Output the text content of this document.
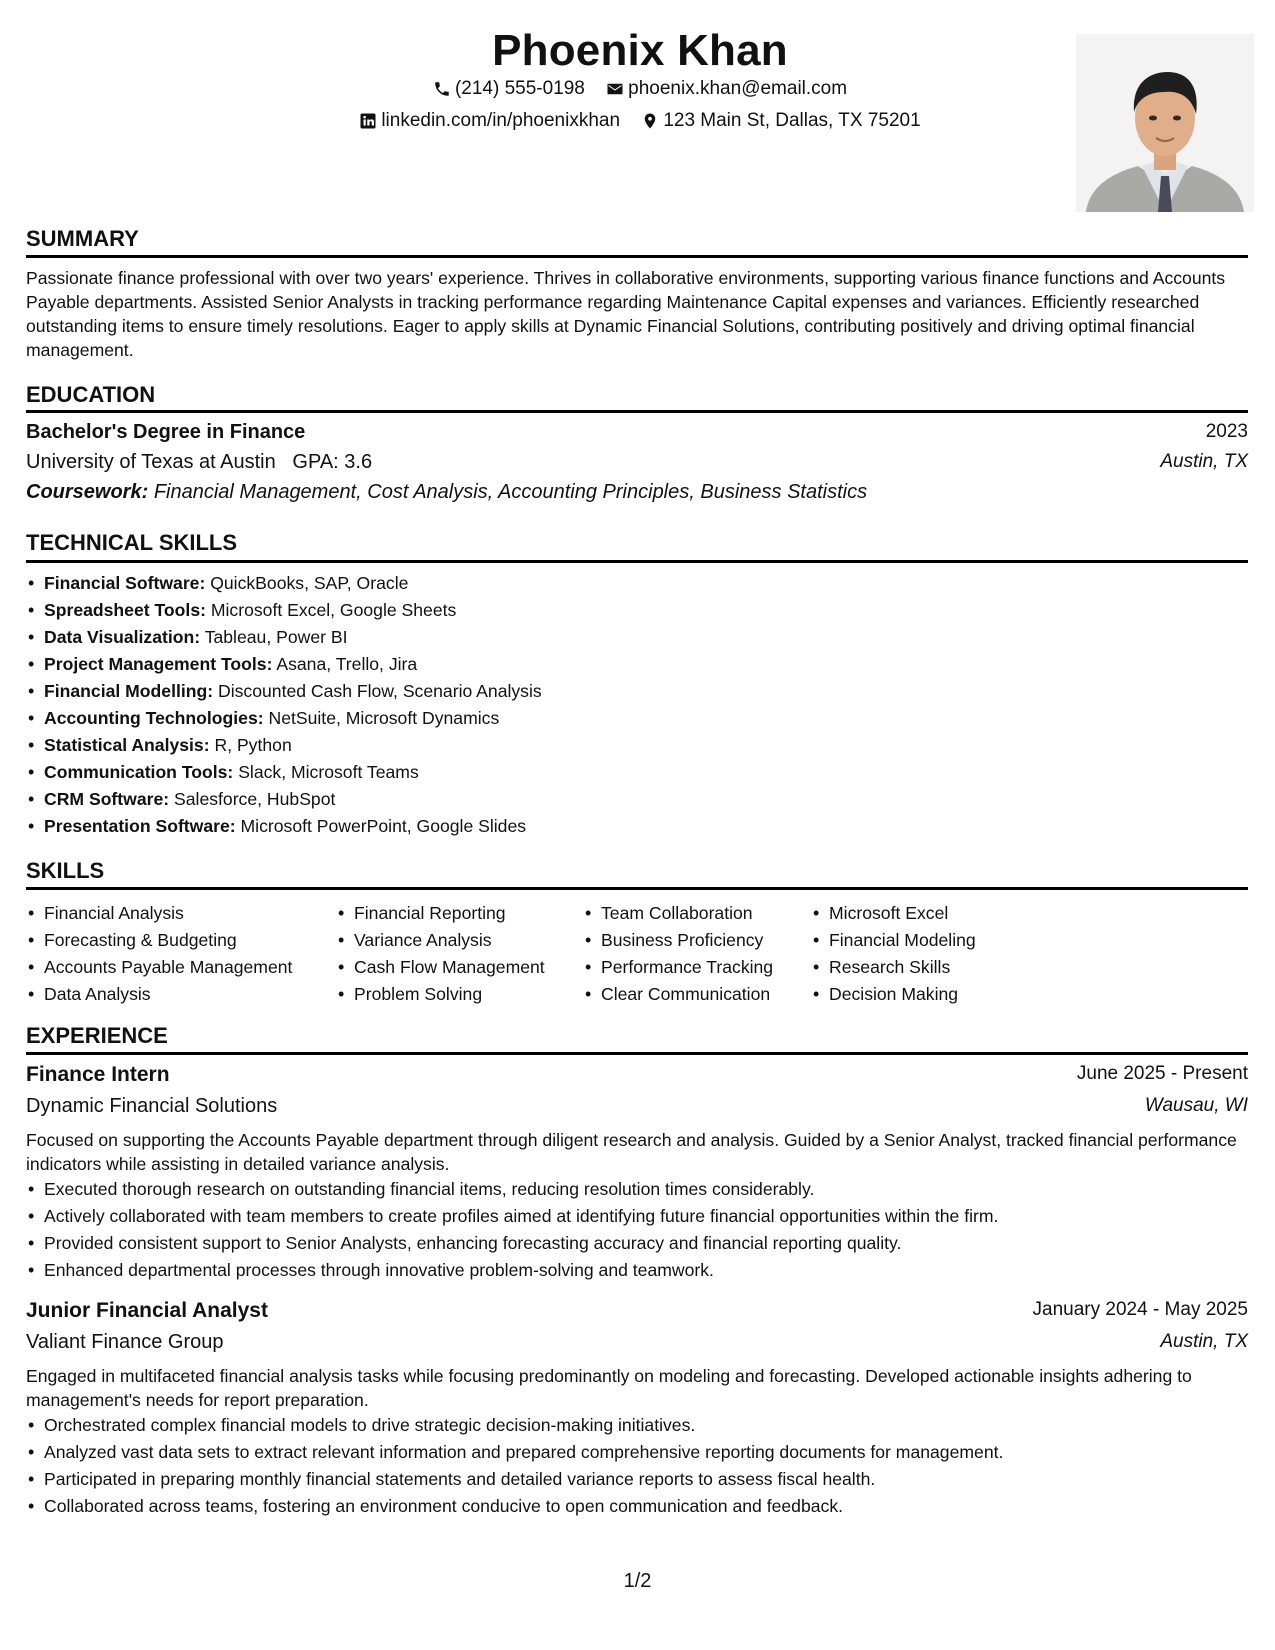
Phoenix Khan
(214) 555-0198
phoenix.khan@email.com
linkedin.com/in/phoenixkhan
123 Main St, Dallas, TX 75201
SUMMARY
Passionate finance professional with over two years' experience. Thrives in collaborative environments, supporting various finance functions and Accounts Payable departments. Assisted Senior Analysts in tracking performance regarding Maintenance Capital expenses and variances. Efficiently researched outstanding items to ensure timely resolutions. Eager to apply skills at Dynamic Financial Solutions, contributing positively and driving optimal financial management.
EDUCATION
Bachelor's Degree in Finance	2023
University of Texas at Austin GPA: 3.6	Austin, TX
Coursework: Financial Management, Cost Analysis, Accounting Principles, Business Statistics
TECHNICAL SKILLS
• Financial Software: QuickBooks, SAP, Oracle
• Spreadsheet Tools: Microsoft Excel, Google Sheets
• Data Visualization: Tableau, Power BI
• Project Management Tools: Asana, Trello, Jira
• Financial Modelling: Discounted Cash Flow, Scenario Analysis
• Accounting Technologies: NetSuite, Microsoft Dynamics
• Statistical Analysis: R, Python
• Communication Tools: Slack, Microsoft Teams
• CRM Software: Salesforce, HubSpot
• Presentation Software: Microsoft PowerPoint, Google Slides
SKILLS
• Financial Analysis
• Forecasting & Budgeting
• Accounts Payable Management
• Data Analysis
• Financial Reporting
• Variance Analysis
• Cash Flow Management
• Problem Solving
• Team Collaboration
• Business Proficiency
• Performance Tracking
• Clear Communication
• Microsoft Excel
• Financial Modeling
• Research Skills
• Decision Making
EXPERIENCE
Finance Intern	June 2025 - Present
Dynamic Financial Solutions	Wausau, WI
Focused on supporting the Accounts Payable department through diligent research and analysis. Guided by a Senior Analyst, tracked financial performance indicators while assisting in detailed variance analysis.
• Executed thorough research on outstanding financial items, reducing resolution times considerably.
• Actively collaborated with team members to create profiles aimed at identifying future financial opportunities within the firm.
• Provided consistent support to Senior Analysts, enhancing forecasting accuracy and financial reporting quality.
• Enhanced departmental processes through innovative problem-solving and teamwork.
Junior Financial Analyst	January 2024 - May 2025
Valiant Finance Group	Austin, TX
Engaged in multifaceted financial analysis tasks while focusing predominantly on modeling and forecasting. Developed actionable insights adhering to management's needs for report preparation.
• Orchestrated complex financial models to drive strategic decision-making initiatives.
• Analyzed vast data sets to extract relevant information and prepared comprehensive reporting documents for management.
• Participated in preparing monthly financial statements and detailed variance reports to assess fiscal health.
• Collaborated across teams, fostering an environment conducive to open communication and feedback.
1/2
